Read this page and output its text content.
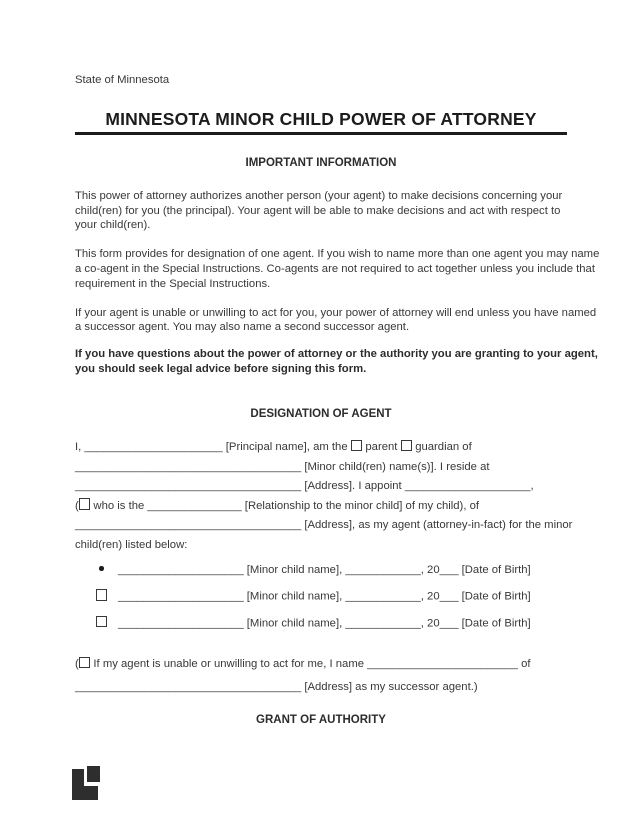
State of Minnesota
MINNESOTA MINOR CHILD POWER OF ATTORNEY
IMPORTANT INFORMATION
This power of attorney authorizes another person (your agent) to make decisions concerning your
child(ren) for you (the principal). Your agent will be able to make decisions and act with respect to
your child(ren).
This form provides for designation of one agent. If you wish to name more than one agent you may name
a co-agent in the Special Instructions. Co-agents are not required to act together unless you include that
requirement in the Special Instructions.
If your agent is unable or unwilling to act for you, your power of attorney will end unless you have named
a successor agent. You may also name a second successor agent.
If you have questions about the power of attorney or the authority you are granting to your agent,
you should seek legal advice before signing this form.
DESIGNATION OF AGENT
I, ______________________ [Principal name], am the  parent  guardian of
____________________________________ [Minor child(ren) name(s)]. I reside at
____________________________________ [Address]. I appoint ____________________,
( who is the _______________ [Relationship to the minor child] of my child), of
____________________________________ [Address], as my agent (attorney-in-fact) for the minor
child(ren) listed below:
____________________ [Minor child name], ____________, 20___ [Date of Birth]
____________________ [Minor child name], ____________, 20___ [Date of Birth]
____________________ [Minor child name], ____________, 20___ [Date of Birth]
( If my agent is unable or unwilling to act for me, I name ________________________ of
____________________________________ [Address] as my successor agent.)
GRANT OF AUTHORITY
